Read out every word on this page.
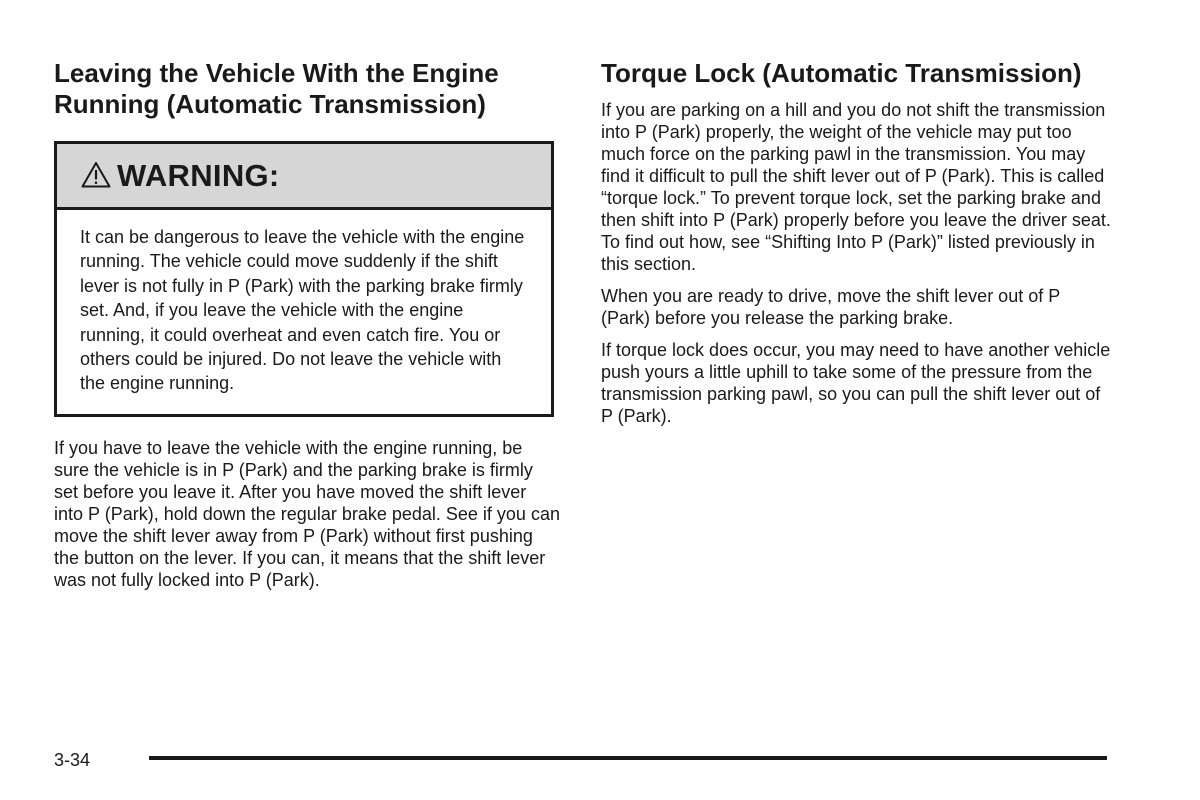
Leaving the Vehicle With the Engine Running (Automatic Transmission)
WARNING:
It can be dangerous to leave the vehicle with the engine running. The vehicle could move suddenly if the shift lever is not fully in P (Park) with the parking brake firmly set. And, if you leave the vehicle with the engine running, it could overheat and even catch fire. You or others could be injured. Do not leave the vehicle with the engine running.

If you have to leave the vehicle with the engine running, be sure the vehicle is in P (Park) and the parking brake is firmly set before you leave it. After you have moved the shift lever into P (Park), hold down the regular brake pedal. See if you can move the shift lever away from P (Park) without first pushing the button on the lever. If you can, it means that the shift lever was not fully locked into P (Park).

Torque Lock (Automatic Transmission)

If you are parking on a hill and you do not shift the transmission into P (Park) properly, the weight of the vehicle may put too much force on the parking pawl in the transmission. You may find it difficult to pull the shift lever out of P (Park). This is called “torque lock.” To prevent torque lock, set the parking brake and then shift into P (Park) properly before you leave the driver seat. To find out how, see “Shifting Into P (Park)” listed previously in this section.

When you are ready to drive, move the shift lever out of P (Park) before you release the parking brake.

If torque lock does occur, you may need to have another vehicle push yours a little uphill to take some of the pressure from the transmission parking pawl, so you can pull the shift lever out of P (Park).

3-34
